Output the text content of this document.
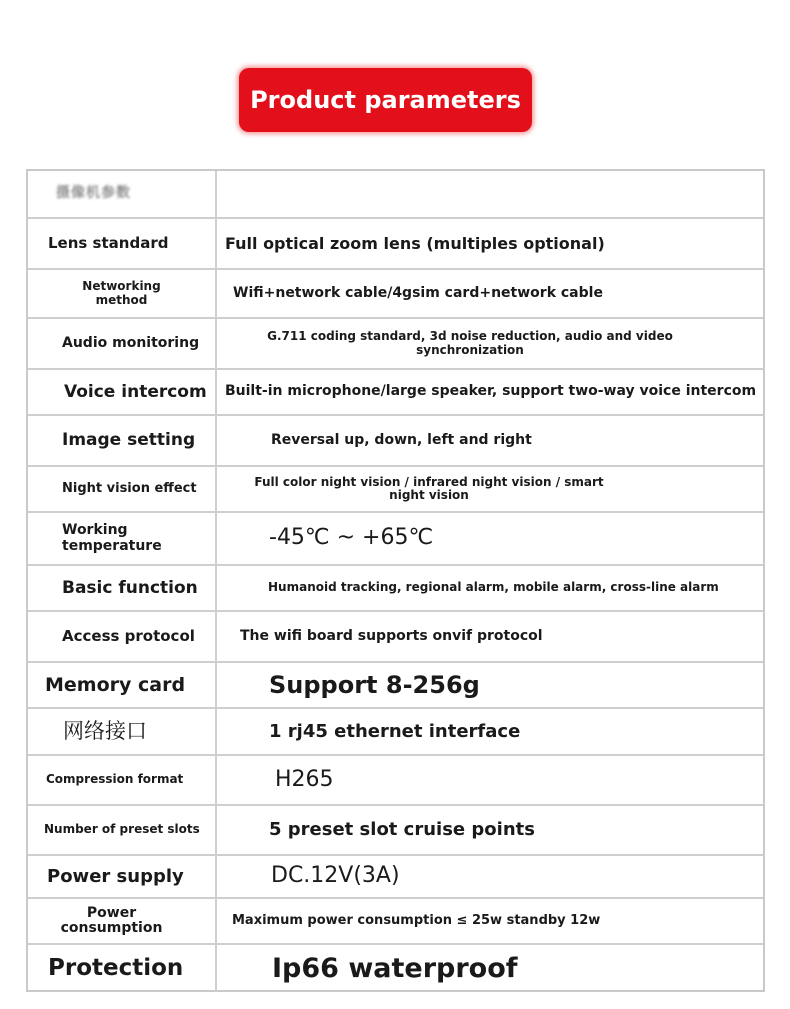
Product parameters
摄像机参数
Lens standard	Full optical zoom lens (multiples optional)
Networking method	Wifi+network cable/4gsim card+network cable
Audio monitoring	G.711 coding standard, 3d noise reduction, audio and video synchronization
Voice intercom	Built-in microphone/large speaker, support two-way voice intercom
Image setting	Reversal up, down, left and right
Night vision effect	Full color night vision / infrared night vision / smart night vision
Working temperature	-45℃ ~ +65℃
Basic function	Humanoid tracking, regional alarm, mobile alarm, cross-line alarm
Access protocol	The wifi board supports onvif protocol
Memory card	Support 8-256g
网络接口	1 rj45 ethernet interface
Compression format	H265
Number of preset slots	5 preset slot cruise points
Power supply	DC.12V(3A)
Power consumption	Maximum power consumption ≤ 25w standby 12w
Protection	Ip66 waterproof
